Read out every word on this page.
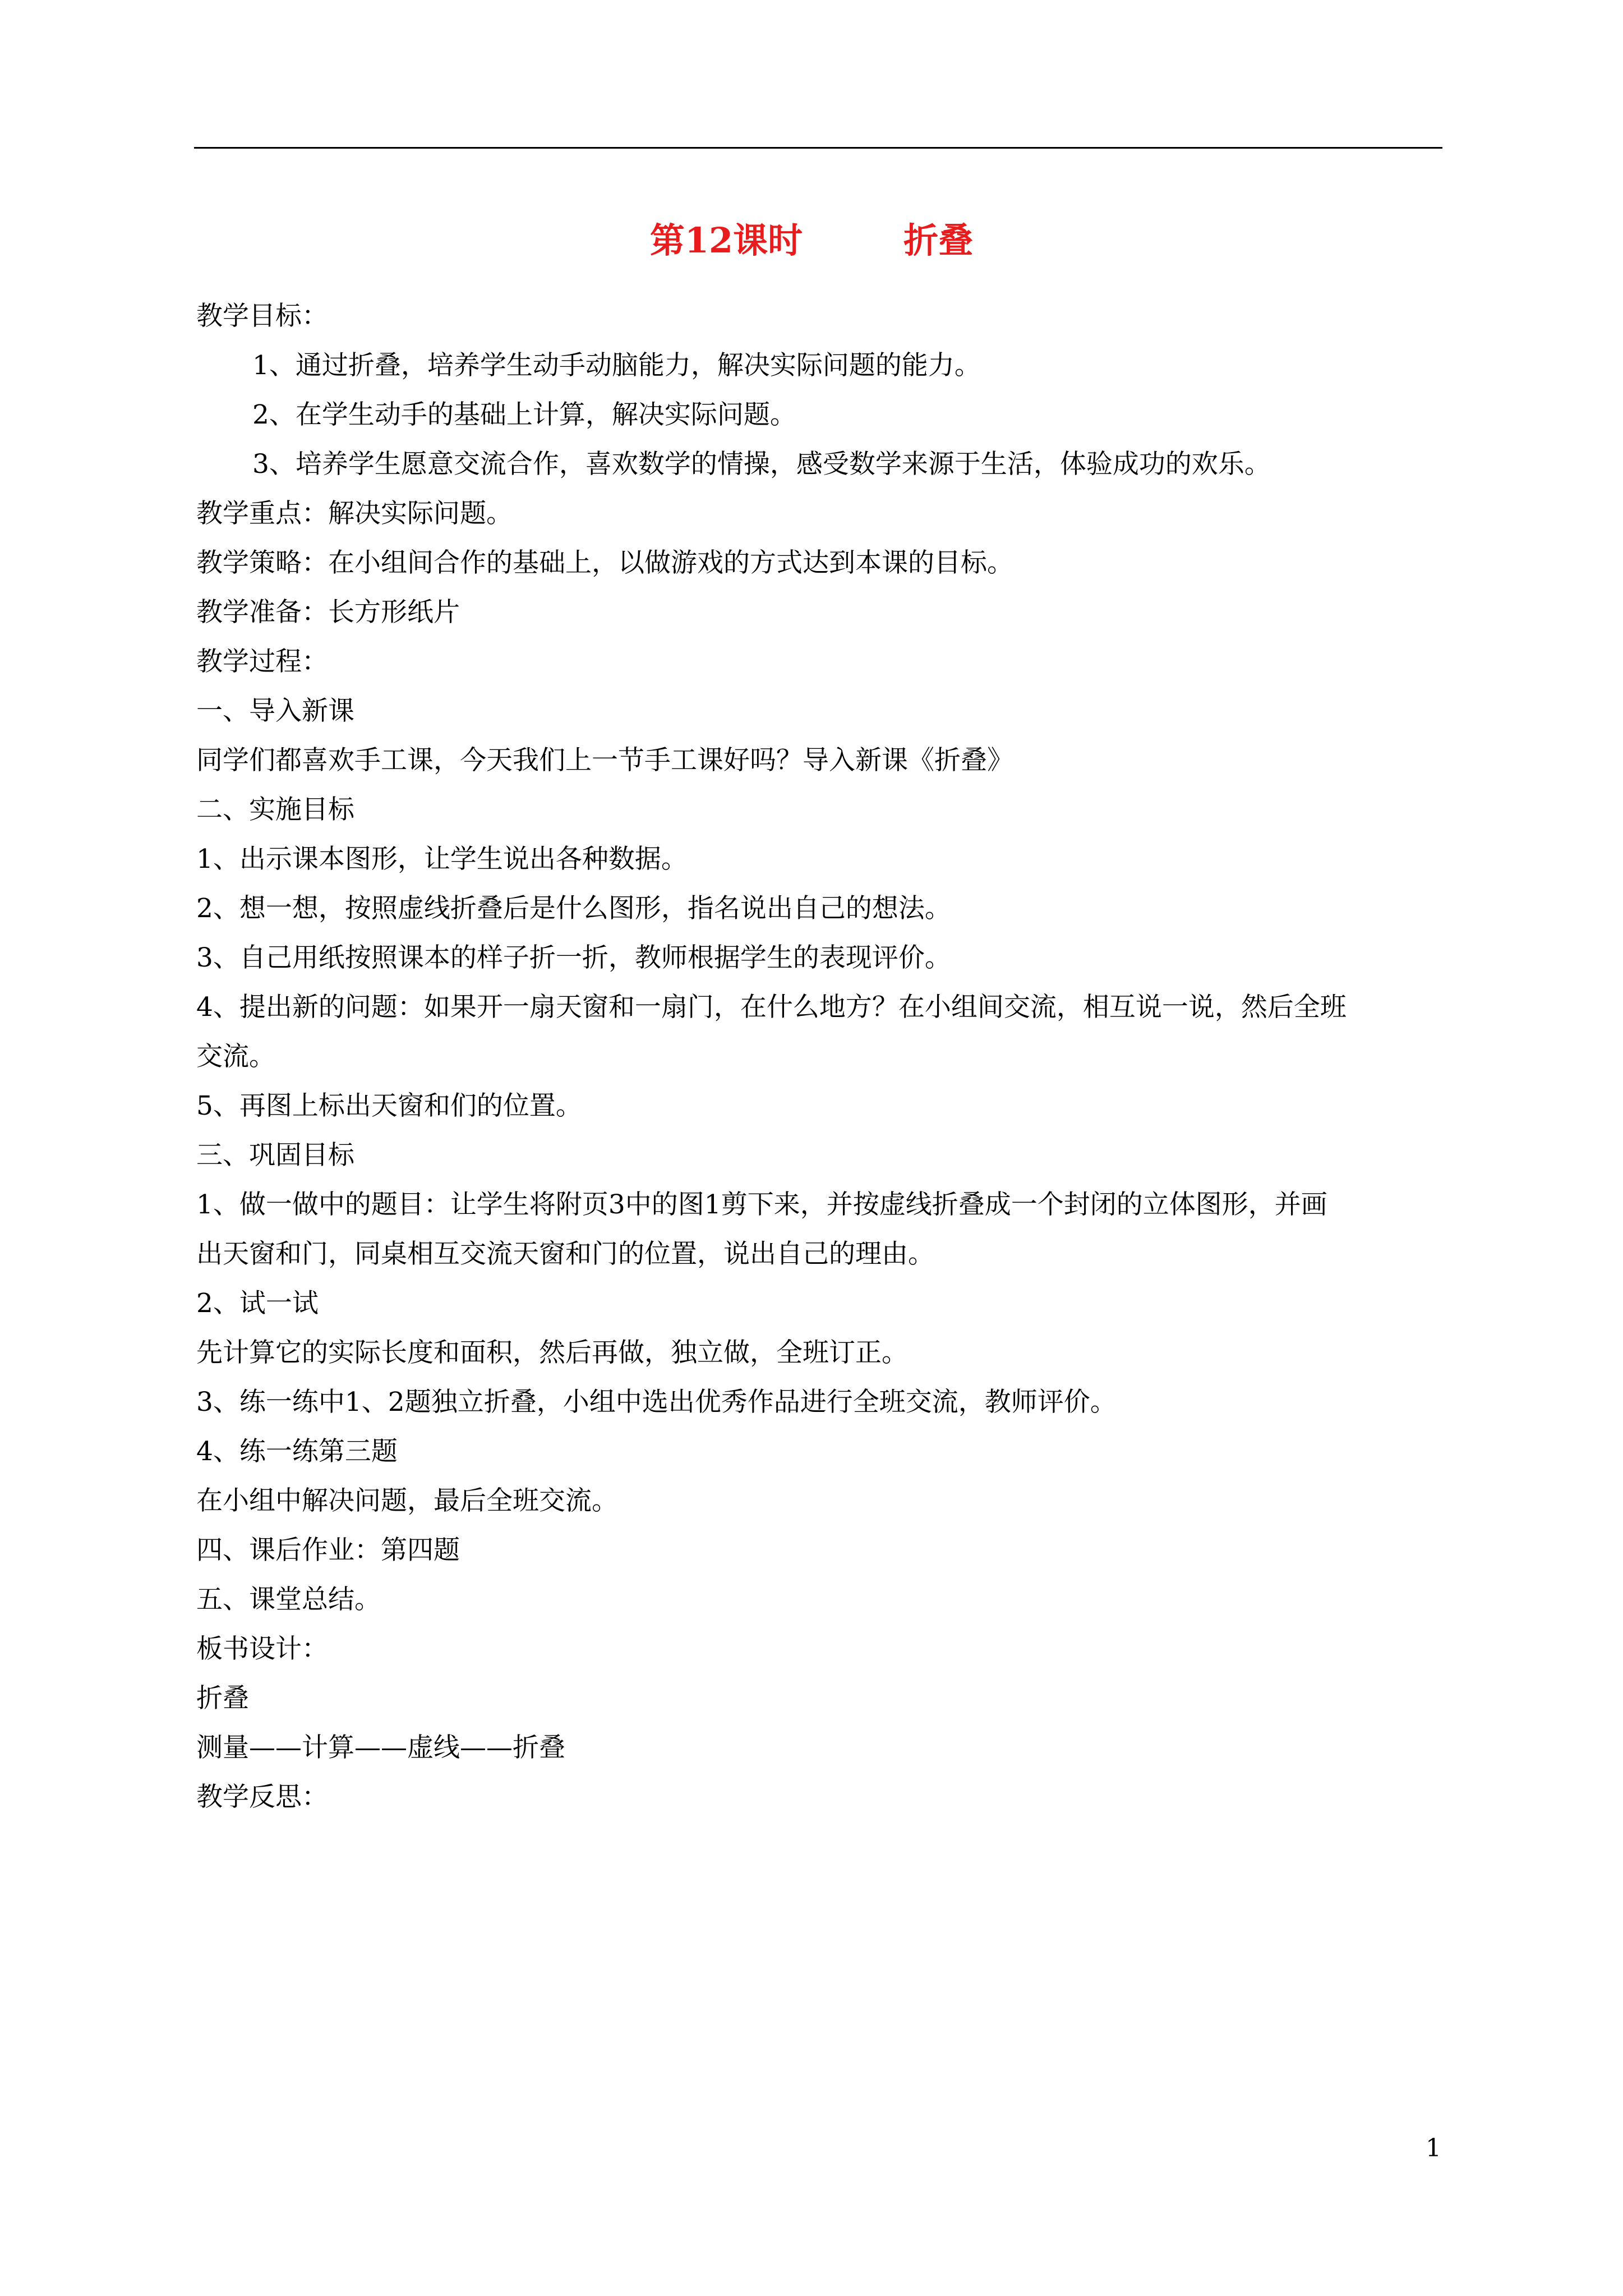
第12课时	折叠

教学目标：

1、通过折叠，培养学生动手动脑能力，解决实际问题的能力。

2、在学生动手的基础上计算，解决实际问题。

3、培养学生愿意交流合作，喜欢数学的情操，感受数学来源于生活，体验成功的欢乐。

教学重点：解决实际问题。

教学策略：在小组间合作的基础上，以做游戏的方式达到本课的目标。

教学准备：长方形纸片

教学过程：

一、导入新课

同学们都喜欢手工课，今天我们上一节手工课好吗？导入新课《折叠》

二、实施目标

1、出示课本图形，让学生说出各种数据。

2、想一想，按照虚线折叠后是什么图形，指名说出自己的想法。

3、自己用纸按照课本的样子折一折，教师根据学生的表现评价。

4、提出新的问题：如果开一扇天窗和一扇门，在什么地方？在小组间交流，相互说一说，然后全班

交流。

5、再图上标出天窗和们的位置。

三、巩固目标

1、做一做中的题目：让学生将附页3中的图1剪下来，并按虚线折叠成一个封闭的立体图形，并画

出天窗和门，同桌相互交流天窗和门的位置，说出自己的理由。

2、试一试

先计算它的实际长度和面积，然后再做，独立做，全班订正。

3、练一练中1、2题独立折叠，小组中选出优秀作品进行全班交流，教师评价。

4、练一练第三题

在小组中解决问题，最后全班交流。

四、课后作业：第四题

五、课堂总结。

板书设计：

折叠

测量——计算——虚线——折叠

教学反思：

1
